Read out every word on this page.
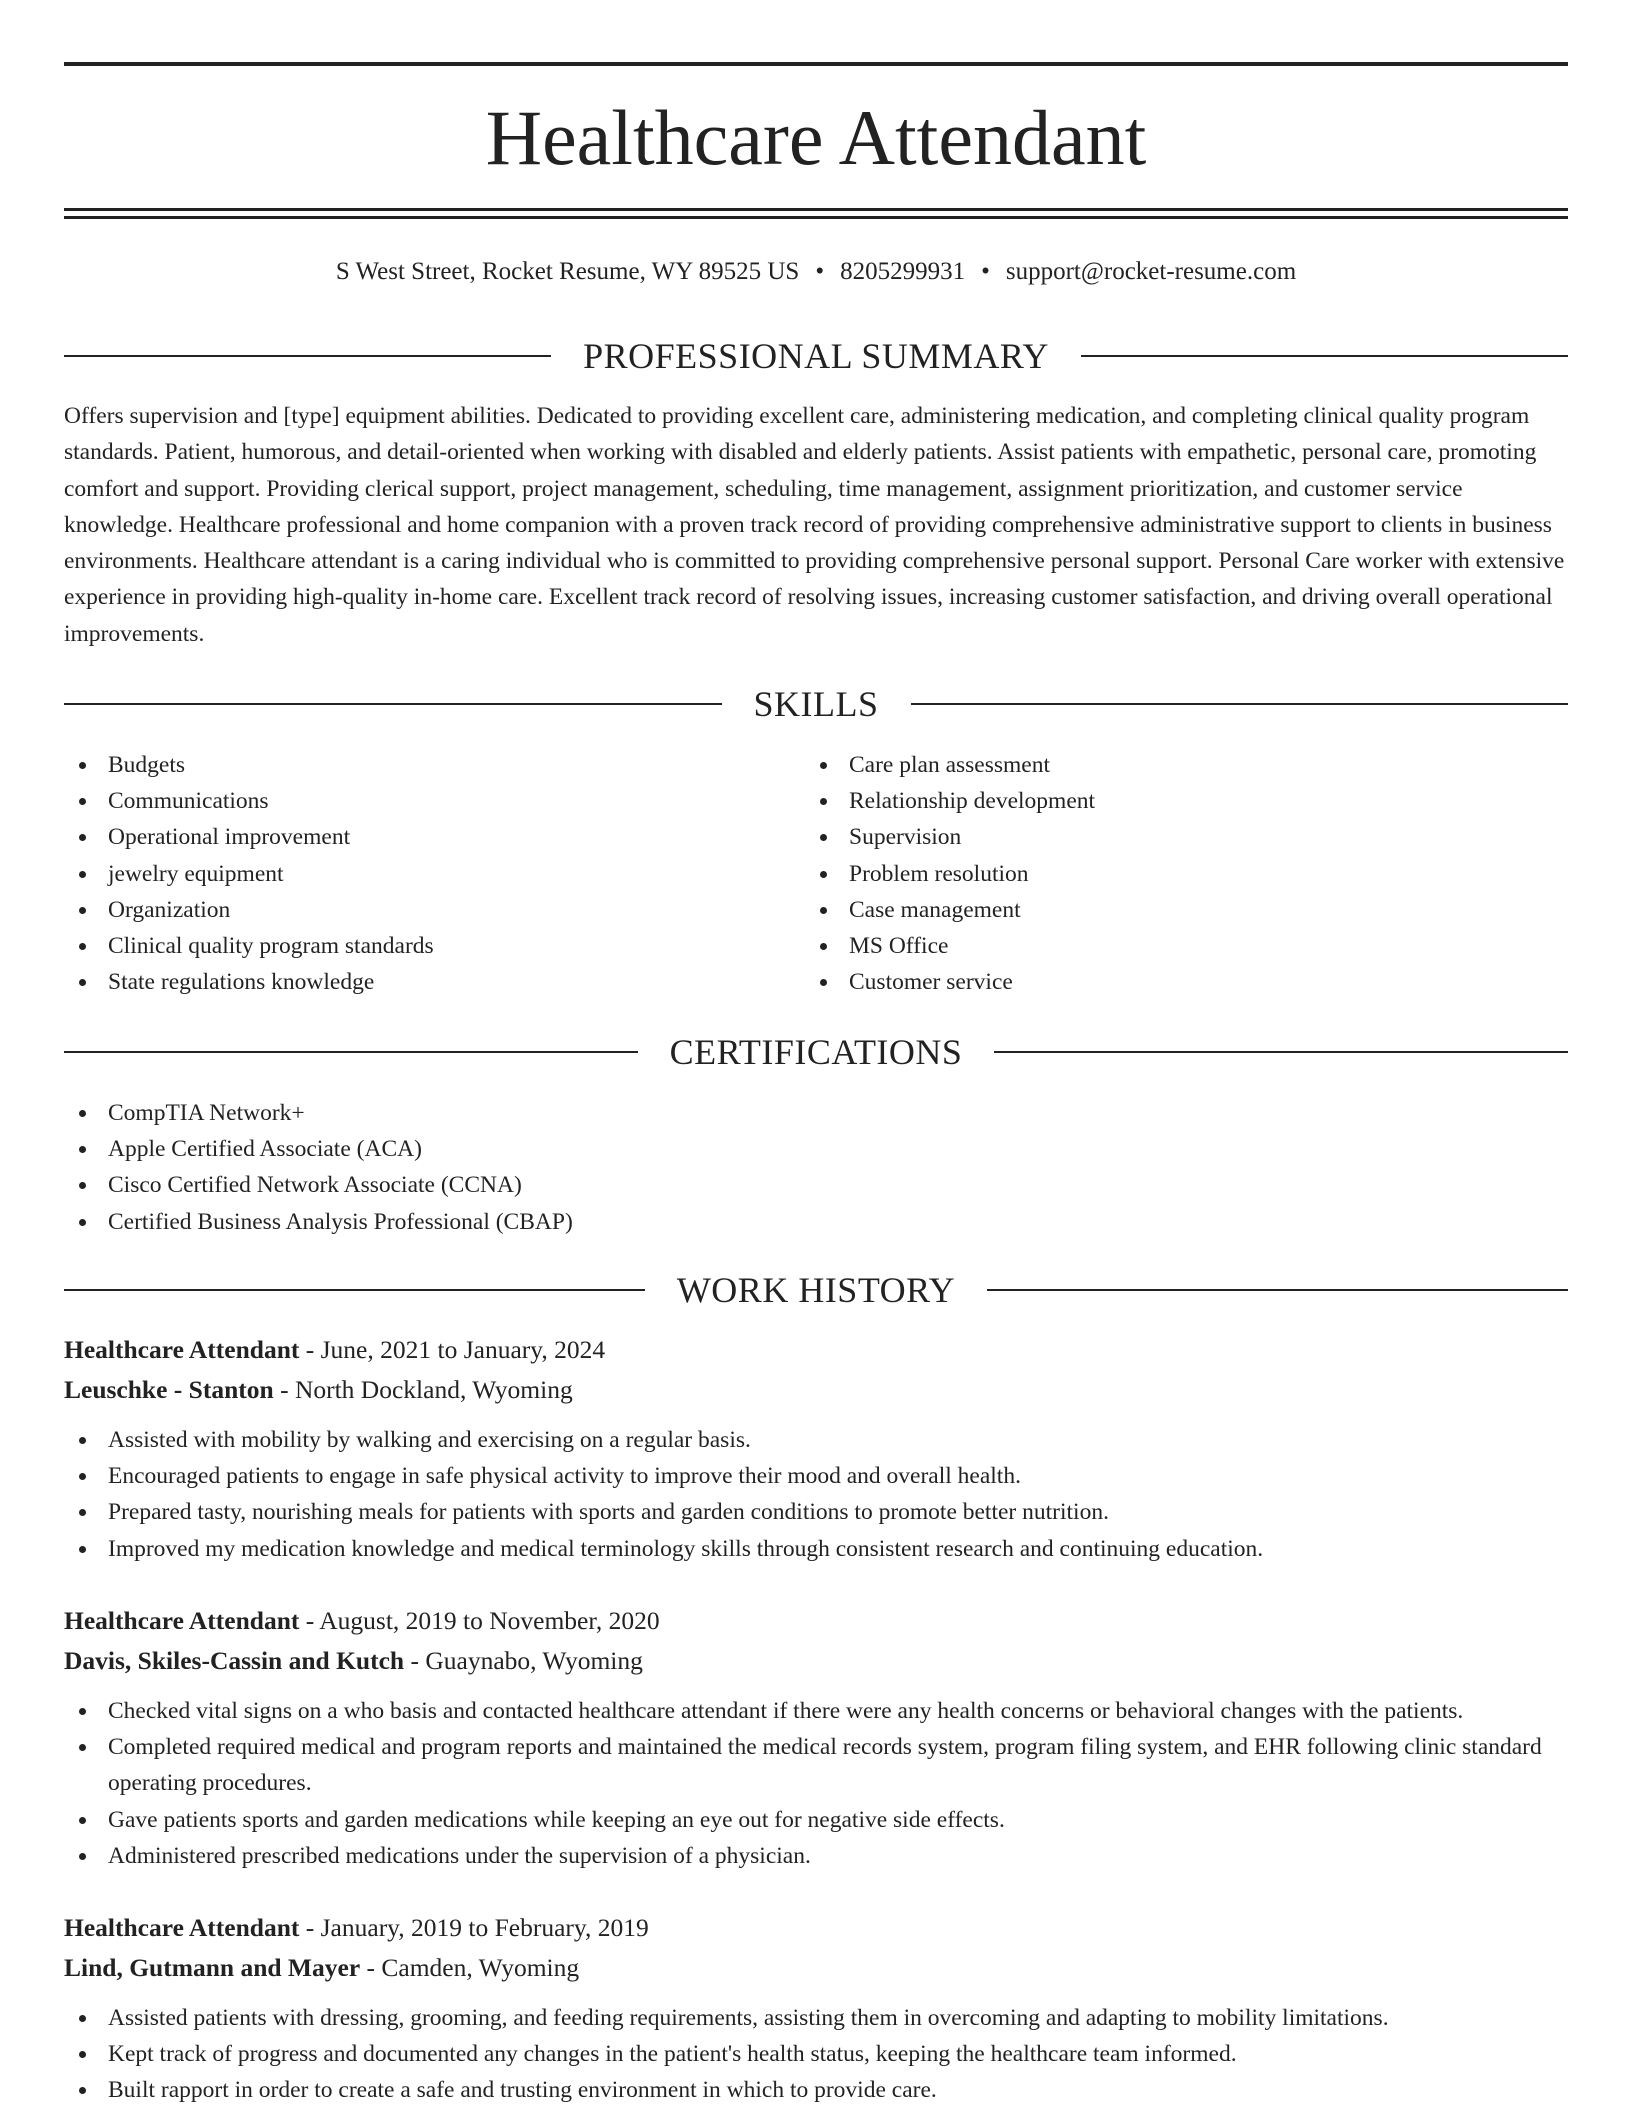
Healthcare Attendant
S West Street, Rocket Resume, WY 89525 US • 8205299931 • support@rocket-resume.com
PROFESSIONAL SUMMARY

Offers supervision and [type] equipment abilities. Dedicated to providing excellent care, administering medication, and completing clinical quality program standards. Patient, humorous, and detail-oriented when working with disabled and elderly patients. Assist patients with empathetic, personal care, promoting comfort and support. Providing clerical support, project management, scheduling, time management, assignment prioritization, and customer service knowledge. Healthcare professional and home companion with a proven track record of providing comprehensive administrative support to clients in business environments. Healthcare attendant is a caring individual who is committed to providing comprehensive personal support. Personal Care worker with extensive experience in providing high-quality in-home care. Excellent track record of resolving issues, increasing customer satisfaction, and driving overall operational improvements.

SKILLS
Budgets
Communications
Operational improvement
jewelry equipment
Organization
Clinical quality program standards
State regulations knowledge
Care plan assessment
Relationship development
Supervision
Problem resolution
Case management
MS Office
Customer service
CERTIFICATIONS
CompTIA Network+
Apple Certified Associate (ACA)
Cisco Certified Network Associate (CCNA)
Certified Business Analysis Professional (CBAP)
WORK HISTORY
Healthcare Attendant - June, 2021 to January, 2024
Leuschke - Stanton - North Dockland, Wyoming
Assisted with mobility by walking and exercising on a regular basis.
Encouraged patients to engage in safe physical activity to improve their mood and overall health.
Prepared tasty, nourishing meals for patients with sports and garden conditions to promote better nutrition.
Improved my medication knowledge and medical terminology skills through consistent research and continuing education.
Healthcare Attendant - August, 2019 to November, 2020
Davis, Skiles-Cassin and Kutch - Guaynabo, Wyoming
Checked vital signs on a who basis and contacted healthcare attendant if there were any health concerns or behavioral changes with the patients.
Completed required medical and program reports and maintained the medical records system, program filing system, and EHR following clinic standard operating procedures.
Gave patients sports and garden medications while keeping an eye out for negative side effects.
Administered prescribed medications under the supervision of a physician.
Healthcare Attendant - January, 2019 to February, 2019
Lind, Gutmann and Mayer - Camden, Wyoming
Assisted patients with dressing, grooming, and feeding requirements, assisting them in overcoming and adapting to mobility limitations.
Kept track of progress and documented any changes in the patient's health status, keeping the healthcare team informed.
Built rapport in order to create a safe and trusting environment in which to provide care.
